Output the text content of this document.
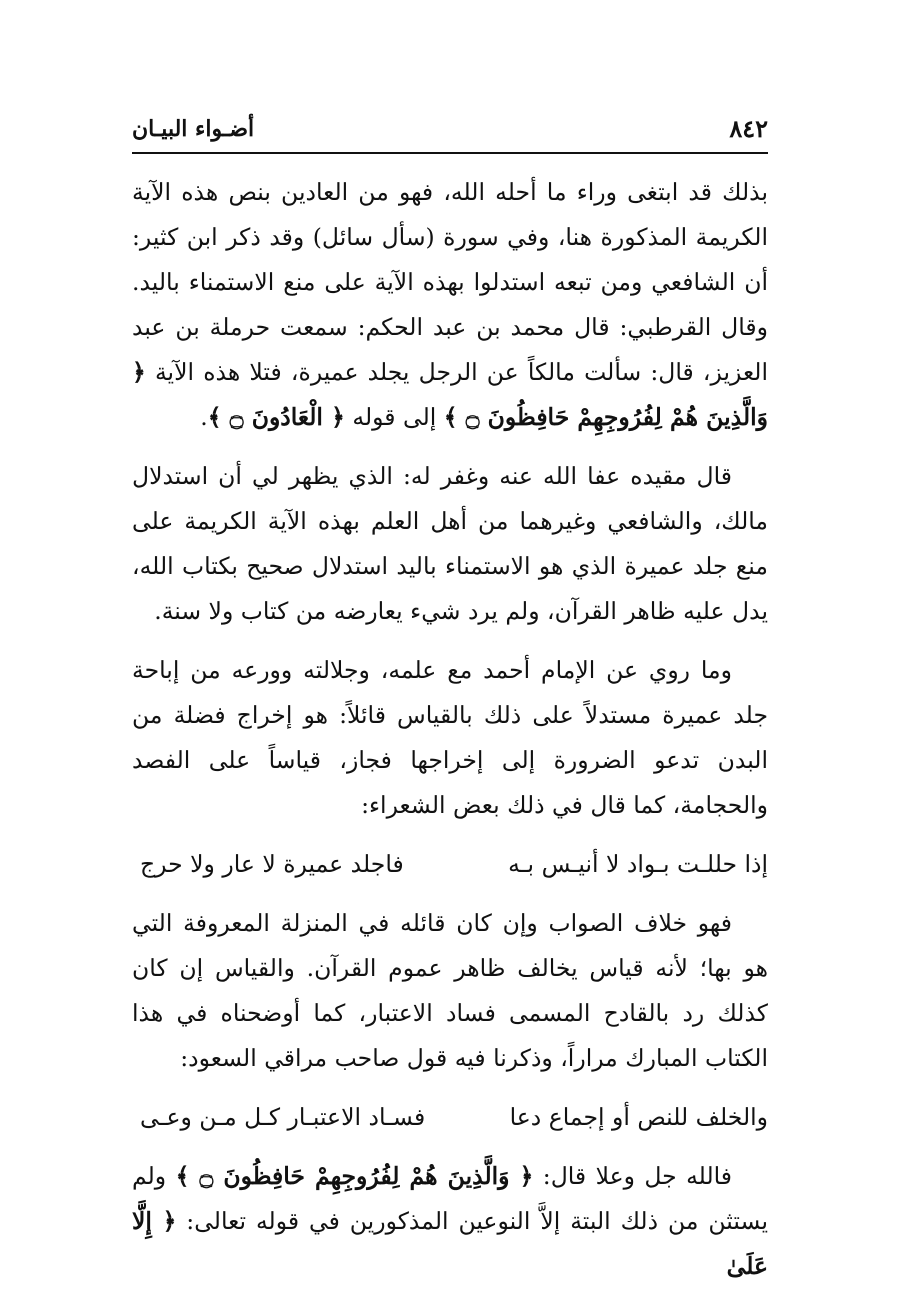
٨٤٢
أضـواء البيـان

بذلك قد ابتغى وراء ما أحله الله، فهو من العادين بنص هذه الآية الكريمة المذكورة هنا، وفي سورة (سأل سائل) وقد ذكر ابن كثير: أن الشافعي ومن تبعه استدلوا بهذه الآية على منع الاستمناء باليد. وقال القرطبي: قال محمد بن عبد الحكم: سمعت حرملة بن عبد العزيز، قال: سألت مالكاً عن الرجل يجلد عميرة، فتلا هذه الآية ﴿ وَالَّذِينَ هُمْ لِفُرُوجِهِمْ حَافِظُونَ ۝ ﴾ إلى قوله ﴿ الْعَادُونَ ۝ ﴾.

قال مقيده عفا الله عنه وغفر له: الذي يظهر لي أن استدلال مالك، والشافعي وغيرهما من أهل العلم بهذه الآية الكريمة على منع جلد عميرة الذي هو الاستمناء باليد استدلال صحيح بكتاب الله، يدل عليه ظاهر القرآن، ولم يرد شيء يعارضه من كتاب ولا سنة.

وما روي عن الإمام أحمد مع علمه، وجلالته وورعه من إباحة جلد عميرة مستدلاً على ذلك بالقياس قائلاً: هو إخراج فضلة من البدن تدعو الضرورة إلى إخراجها فجاز، قياساً على الفصد والحجامة، كما قال في ذلك بعض الشعراء:

إذا حللـت بـواد لا أنيـس بـه
فاجلد عميرة لا عار ولا حرج

فهو خلاف الصواب وإن كان قائله في المنزلة المعروفة التي هو بها؛ لأنه قياس يخالف ظاهر عموم القرآن. والقياس إن كان كذلك رد بالقادح المسمى فساد الاعتبار، كما أوضحناه في هذا الكتاب المبارك مراراً، وذكرنا فيه قول صاحب مراقي السعود:

والخلف للنص أو إجماع دعا
فسـاد الاعتبـار كـل مـن وعـى

فالله جل وعلا قال: ﴿ وَالَّذِينَ هُمْ لِفُرُوجِهِمْ حَافِظُونَ ۝ ﴾ ولم يستثن من ذلك البتة إلاَّ النوعين المذكورين في قوله تعالى: ﴿ إِلَّا عَلَىٰ
